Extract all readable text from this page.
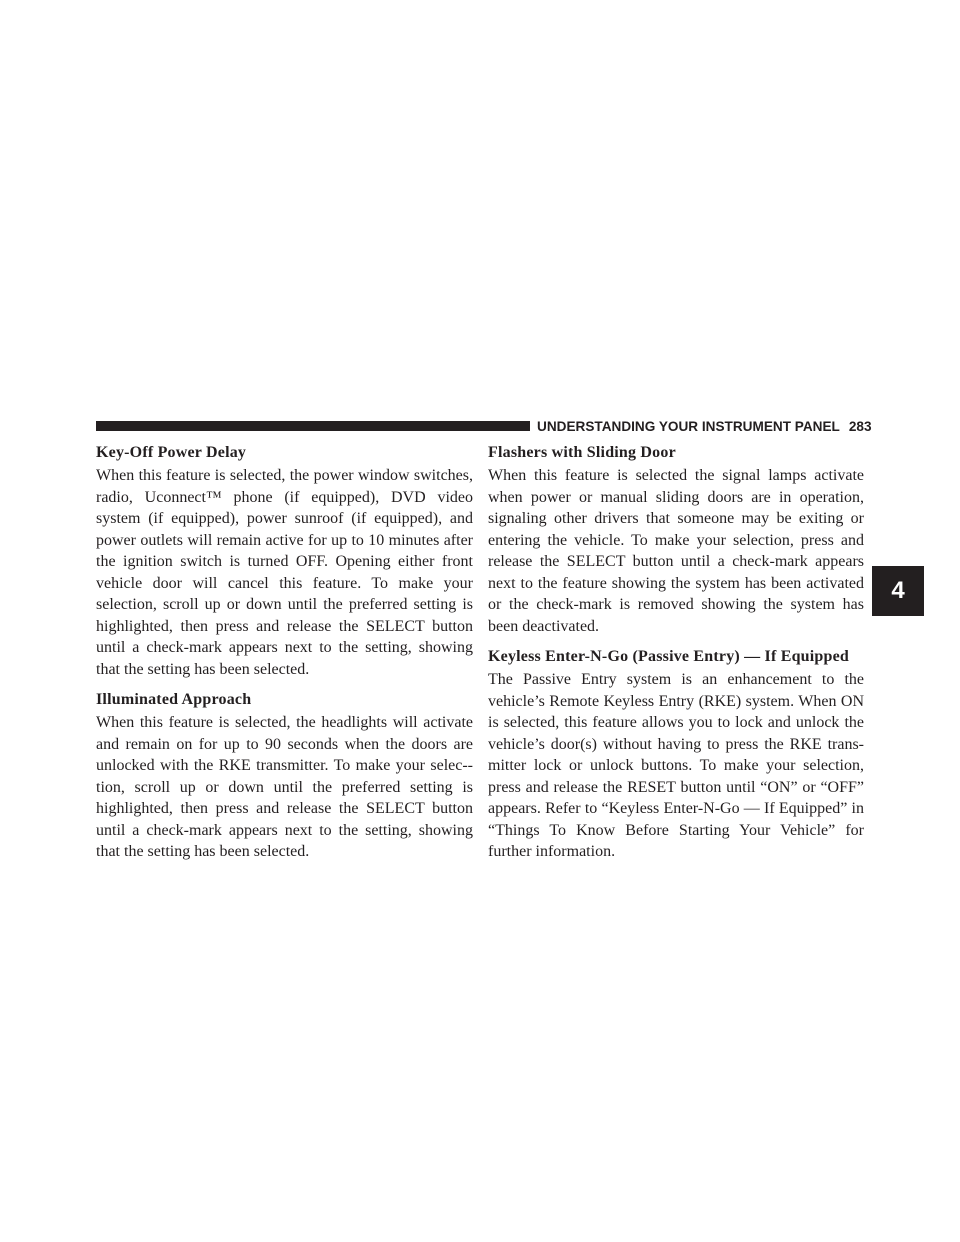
UNDERSTANDING YOUR INSTRUMENT PANEL 283
4
Key-Off Power Delay

When this feature is selected, the power window switches, radio, Uconnect™ phone (if equipped), DVD video system (if equipped), power sunroof (if equipped), and power outlets will remain active for up to 10 minutes after the ignition switch is turned OFF. Opening either front vehicle door will cancel this feature. To make your selection, scroll up or down until the preferred setting is highlighted, then press and release the SELECT button until a check-mark appears next to the setting, showing that the setting has been selected.

Illuminated Approach

When this feature is selected, the headlights will activate and remain on for up to 90 seconds when the doors are unlocked with the RKE transmitter. To make your selec-tion, scroll up or down until the preferred setting is highlighted, then press and release the SELECT button until a check-mark appears next to the setting, showing that the setting has been selected.

Flashers with Sliding Door

When this feature is selected the signal lamps activate when power or manual sliding doors are in operation, signaling other drivers that someone may be exiting or entering the vehicle. To make your selection, press and release the SELECT button until a check-mark appears next to the feature showing the system has been activated or the check-mark is removed showing the system has been deactivated.

Keyless Enter-N-Go (Passive Entry) — If Equipped

The Passive Entry system is an enhancement to the vehicle’s Remote Keyless Entry (RKE) system. When ON is selected, this feature allows you to lock and unlock the vehicle’s door(s) without having to press the RKE trans-mitter lock or unlock buttons. To make your selection, press and release the RESET button until “ON” or “OFF” appears. Refer to “Keyless Enter-N-Go — If Equipped” in “Things To Know Before Starting Your Vehicle” for further information.
